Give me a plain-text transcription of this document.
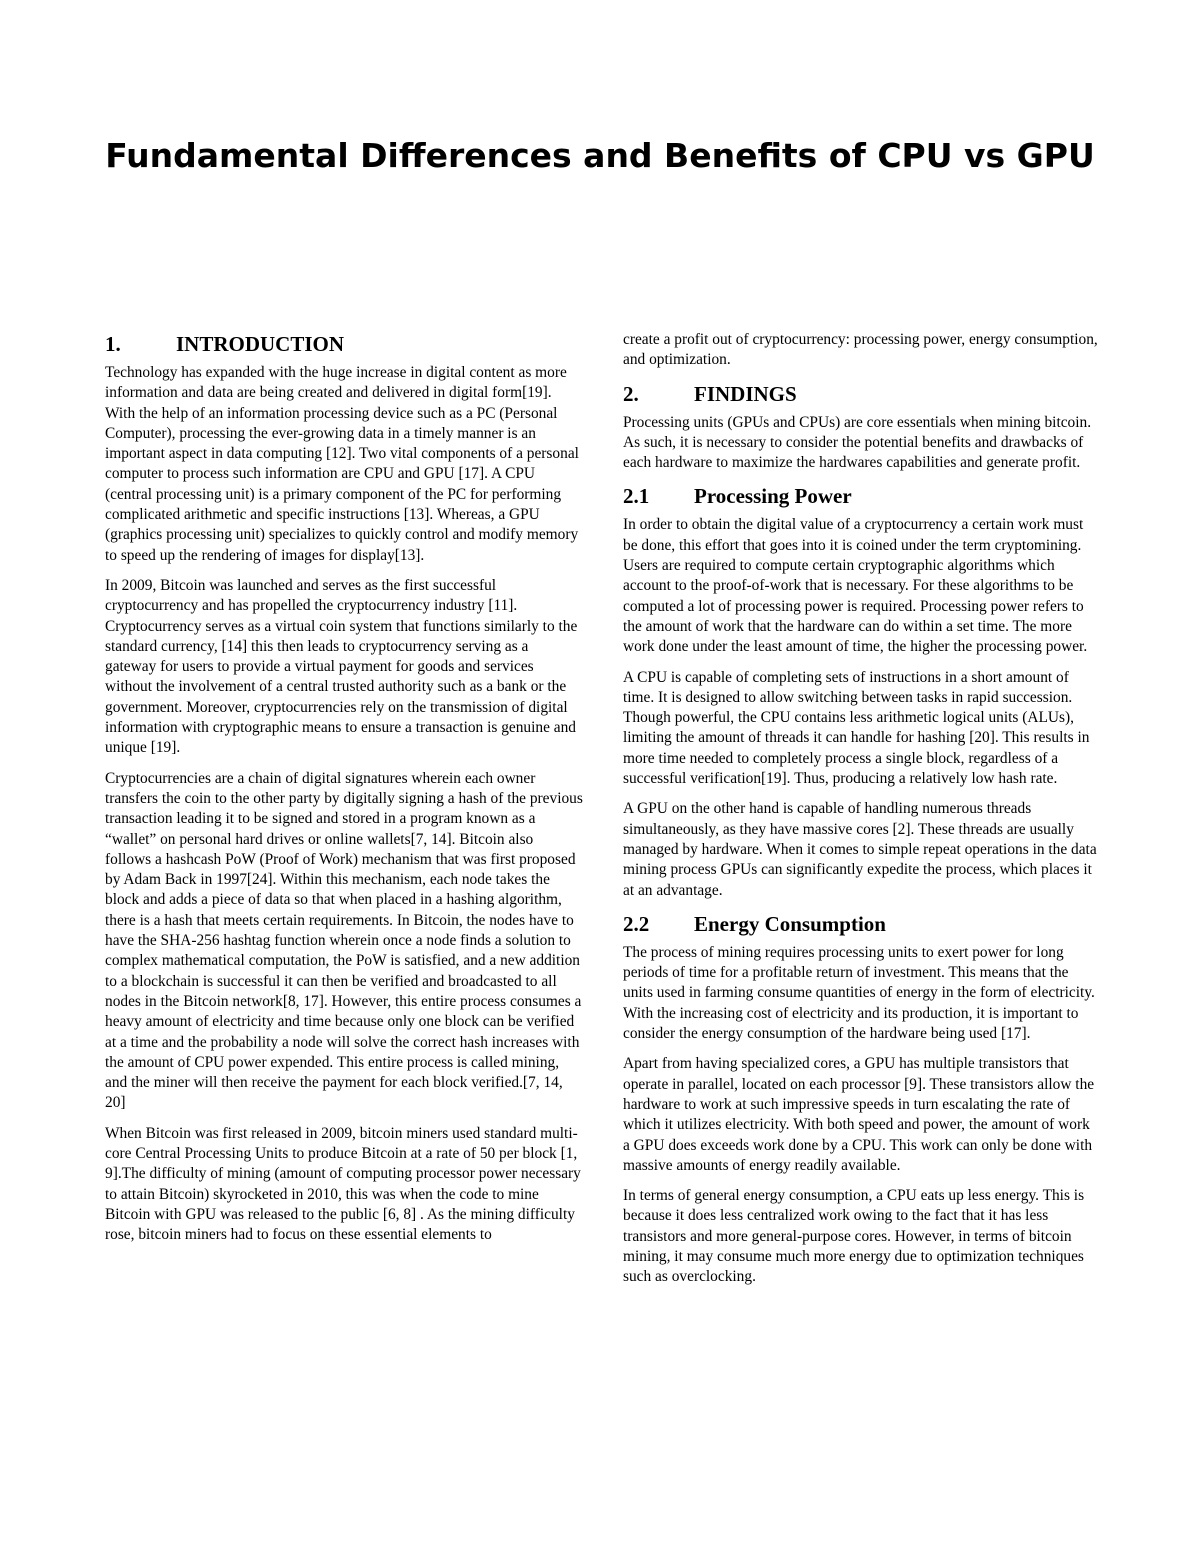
Fundamental Differences and Benefits of CPU vs GPU
1.	INTRODUCTION

Technology has expanded with the huge increase in digital content as more information and data are being created and delivered in digital form[19]. With the help of an information processing device such as a PC (Personal Computer), processing the ever-growing data in a timely manner is an important aspect in data computing [12]. Two vital components of a personal computer to process such information are CPU and GPU [17]. A CPU (central processing unit) is a primary component of the PC for performing complicated arithmetic and specific instructions [13]. Whereas, a GPU (graphics processing unit) specializes to quickly control and modify memory to speed up the rendering of images for display[13].

In 2009, Bitcoin was launched and serves as the first successful cryptocurrency and has propelled the cryptocurrency industry [11]. Cryptocurrency serves as a virtual coin system that functions similarly to the standard currency, [14] this then leads to cryptocurrency serving as a gateway for users to provide a virtual payment for goods and services without the involvement of a central trusted authority such as a bank or the government. Moreover, cryptocurrencies rely on the transmission of digital information with cryptographic means to ensure a transaction is genuine and unique [19].

Cryptocurrencies are a chain of digital signatures wherein each owner transfers the coin to the other party by digitally signing a hash of the previous transaction leading it to be signed and stored in a program known as a “wallet” on personal hard drives or online wallets[7, 14]. Bitcoin also follows a hashcash PoW (Proof of Work) mechanism that was first proposed by Adam Back in 1997[24]. Within this mechanism, each node takes the block and adds a piece of data so that when placed in a hashing algorithm, there is a hash that meets certain requirements. In Bitcoin, the nodes have to have the SHA-256 hashtag function wherein once a node finds a solution to complex mathematical computation, the PoW is satisfied, and a new addition to a blockchain is successful it can then be verified and broadcasted to all nodes in the Bitcoin network[8, 17]. However, this entire process consumes a heavy amount of electricity and time because only one block can be verified at a time and the probability a node will solve the correct hash increases with the amount of CPU power expended. This entire process is called mining, and the miner will then receive the payment for each block verified.[7, 14, 20]

When Bitcoin was first released in 2009, bitcoin miners used standard multi-core Central Processing Units to produce Bitcoin at a rate of 50 per block [1, 9].The difficulty of mining (amount of computing processor power necessary to attain Bitcoin) skyrocketed in 2010, this was when the code to mine Bitcoin with GPU was released to the public [6, 8] . As the mining difficulty rose, bitcoin miners had to focus on these essential elements to

create a profit out of cryptocurrency: processing power, energy consumption, and optimization.

2.	FINDINGS

Processing units (GPUs and CPUs) are core essentials when mining bitcoin. As such, it is necessary to consider the potential benefits and drawbacks of each hardware to maximize the hardwares capabilities and generate profit.

2.1	Processing Power

In order to obtain the digital value of a cryptocurrency a certain work must be done, this effort that goes into it is coined under the term cryptomining. Users are required to compute certain cryptographic algorithms which account to the proof-of-work that is necessary. For these algorithms to be computed a lot of processing power is required. Processing power refers to the amount of work that the hardware can do within a set time. The more work done under the least amount of time, the higher the processing power.

A CPU is capable of completing sets of instructions in a short amount of time. It is designed to allow switching between tasks in rapid succession. Though powerful, the CPU contains less arithmetic logical units (ALUs), limiting the amount of threads it can handle for hashing [20]. This results in more time needed to completely process a single block, regardless of a successful verification[19]. Thus, producing a relatively low hash rate.

A GPU on the other hand is capable of handling numerous threads simultaneously, as they have massive cores [2]. These threads are usually managed by hardware. When it comes to simple repeat operations in the data mining process GPUs can significantly expedite the process, which places it at an advantage.

2.2	Energy Consumption

The process of mining requires processing units to exert power for long periods of time for a profitable return of investment. This means that the units used in farming consume quantities of energy in the form of electricity. With the increasing cost of electricity and its production, it is important to consider the energy consumption of the hardware being used [17].

Apart from having specialized cores, a GPU has multiple transistors that operate in parallel, located on each processor [9]. These transistors allow the hardware to work at such impressive speeds in turn escalating the rate of which it utilizes electricity. With both speed and power, the amount of work a GPU does exceeds work done by a CPU. This work can only be done with massive amounts of energy readily available.

In terms of general energy consumption, a CPU eats up less energy. This is because it does less centralized work owing to the fact that it has less transistors and more general-purpose cores. However, in terms of bitcoin mining, it may consume much more energy due to optimization techniques such as overclocking.
